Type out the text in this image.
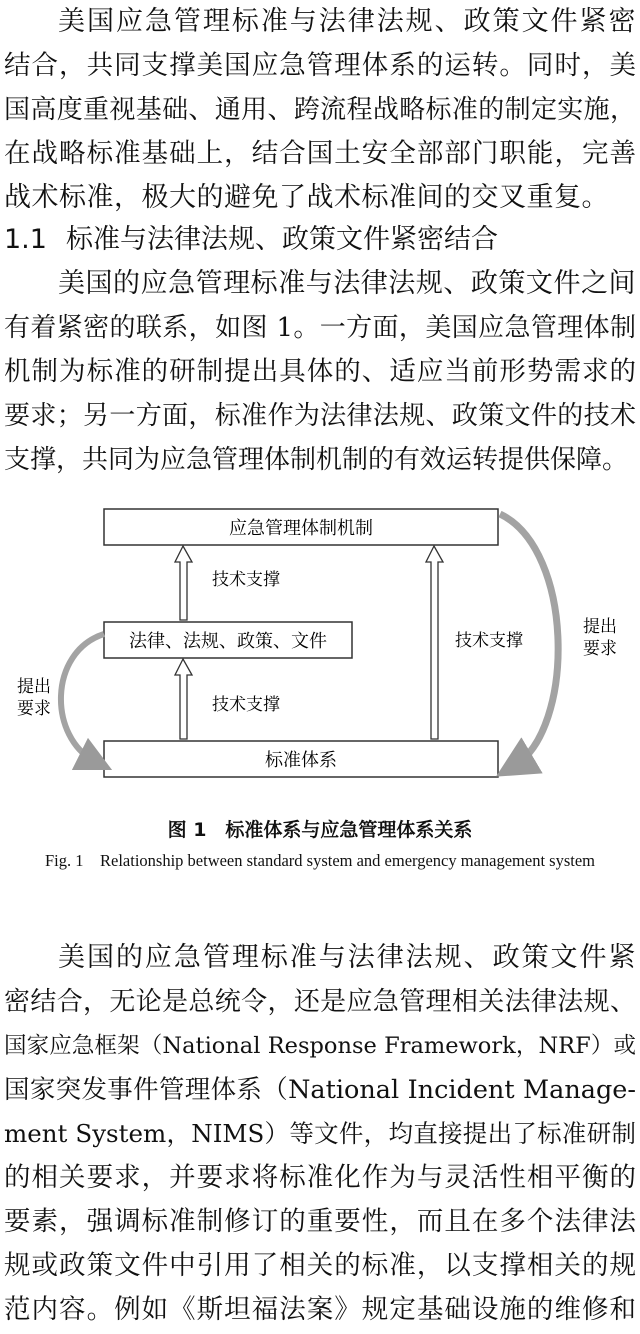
美国应急管理标准与法律法规、政策文件紧密
结合，共同支撑美国应急管理体系的运转。同时，美
国高度重视基础、通用、跨流程战略标准的制定实施，
在战略标准基础上，结合国土安全部部门职能，完善
战术标准，极大的避免了战术标准间的交叉重复。
1.1 标准与法律法规、政策文件紧密结合
美国的应急管理标准与法律法规、政策文件之间
有着紧密的联系，如图 1。一方面，美国应急管理体制
机制为标准的研制提出具体的、适应当前形势需求的
要求；另一方面，标准作为法律法规、政策文件的技术
支撑，共同为应急管理体制机制的有效运转提供保障。
应急管理体制机制
法律、法规、政策、文件
标准体系
技术支撑
技术支撑
技术支撑
提出
要求
提出
要求
图 1　标准体系与应急管理体系关系
Fig. 1　Relationship between standard system and emergency management system
美国的应急管理标准与法律法规、政策文件紧
密结合，无论是总统令，还是应急管理相关法律法规、
国家应急框架（National Response Framework，NRF）或
国家突发事件管理体系（National Incident Manage-
ment System，NIMS）等文件，均直接提出了标准研制
的相关要求，并要求将标准化作为与灵活性相平衡的
要素，强调标准制修订的重要性，而且在多个法律法
规或政策文件中引用了相关的标准，以支撑相关的规
范内容。例如《斯坦福法案》规定基础设施的维修和
